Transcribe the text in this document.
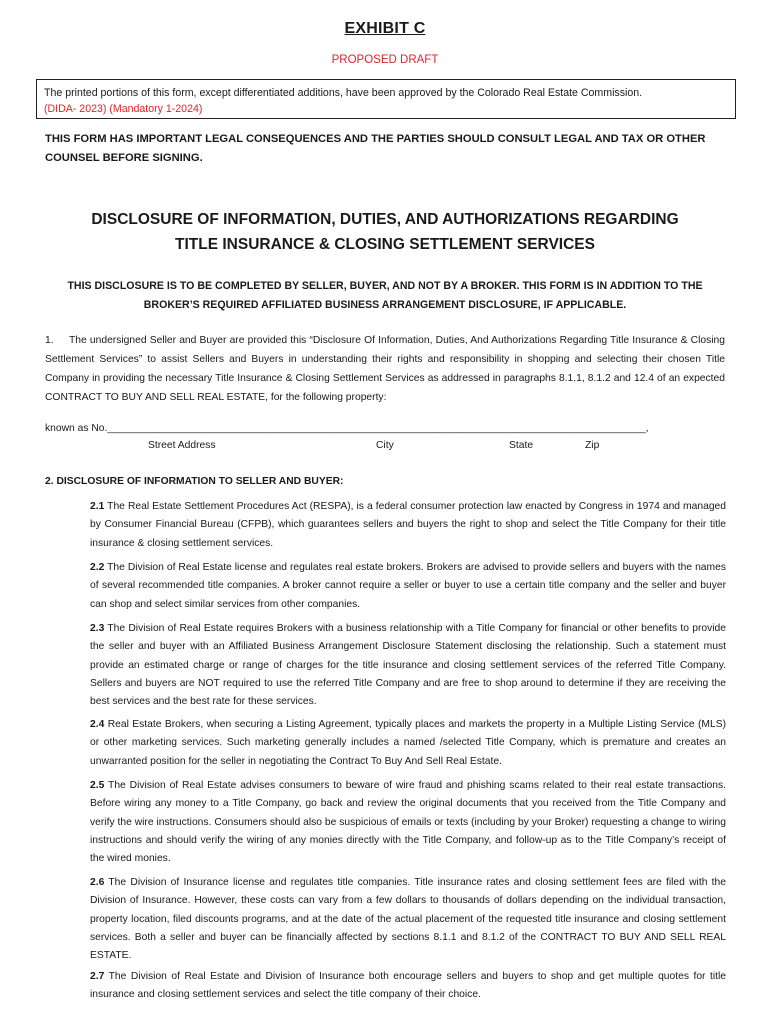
EXHIBIT C
PROPOSED DRAFT
The printed portions of this form, except differentiated additions, have been approved by the Colorado Real Estate Commission.
(DIDA- 2023) (Mandatory 1-2024)
THIS FORM HAS IMPORTANT LEGAL CONSEQUENCES AND THE PARTIES SHOULD CONSULT LEGAL AND TAX OR OTHER COUNSEL BEFORE SIGNING.
DISCLOSURE OF INFORMATION, DUTIES, AND AUTHORIZATIONS REGARDING
TITLE INSURANCE & CLOSING SETTLEMENT SERVICES
THIS DISCLOSURE IS TO BE COMPLETED BY SELLER, BUYER, AND NOT BY A BROKER. THIS FORM IS IN ADDITION TO THE
BROKER’S REQUIRED AFFILIATED BUSINESS ARRANGEMENT DISCLOSURE, IF APPLICABLE.
1. The undersigned Seller and Buyer are provided this “Disclosure Of Information, Duties, And Authorizations Regarding Title Insurance & Closing Settlement Services” to assist Sellers and Buyers in understanding their rights and responsibility in shopping and selecting their chosen Title Company in providing the necessary Title Insurance & Closing Settlement Services as addressed in paragraphs 8.1.1, 8.1.2 and 12.4 of an expected CONTRACT TO BUY AND SELL REAL ESTATE, for the following property:
known as No.______________________________________________________________________________________________,
Street Address	City	State	Zip
2. DISCLOSURE OF INFORMATION TO SELLER AND BUYER:
2.1 The Real Estate Settlement Procedures Act (RESPA), is a federal consumer protection law enacted by Congress in 1974 and managed by Consumer Financial Bureau (CFPB), which guarantees sellers and buyers the right to shop and select the Title Company for their title insurance & closing settlement services.
2.2 The Division of Real Estate license and regulates real estate brokers. Brokers are advised to provide sellers and buyers with the names of several recommended title companies. A broker cannot require a seller or buyer to use a certain title company and the seller and buyer can shop and select similar services from other companies.
2.3 The Division of Real Estate requires Brokers with a business relationship with a Title Company for financial or other benefits to provide the seller and buyer with an Affiliated Business Arrangement Disclosure Statement disclosing the relationship. Such a statement must provide an estimated charge or range of charges for the title insurance and closing settlement services of the referred Title Company. Sellers and buyers are NOT required to use the referred Title Company and are free to shop around to determine if they are receiving the best services and the best rate for these services.
2.4 Real Estate Brokers, when securing a Listing Agreement, typically places and markets the property in a Multiple Listing Service (MLS) or other marketing services. Such marketing generally includes a named /selected Title Company, which is premature and creates an unwarranted position for the seller in negotiating the Contract To Buy And Sell Real Estate.
2.5 The Division of Real Estate advises consumers to beware of wire fraud and phishing scams related to their real estate transactions. Before wiring any money to a Title Company, go back and review the original documents that you received from the Title Company and verify the wire instructions. Consumers should also be suspicious of emails or texts (including by your Broker) requesting a change to wiring instructions and should verify the wiring of any monies directly with the Title Company, and follow-up as to the Title Company’s receipt of the wired monies.
2.6 The Division of Insurance license and regulates title companies. Title insurance rates and closing settlement fees are filed with the Division of Insurance. However, these costs can vary from a few dollars to thousands of dollars depending on the individual transaction, property location, filed discounts programs, and at the date of the actual placement of the requested title insurance and closing settlement services. Both a seller and buyer can be financially affected by sections 8.1.1 and 8.1.2 of the CONTRACT TO BUY AND SELL REAL ESTATE.
2.7 The Division of Real Estate and Division of Insurance both encourage sellers and buyers to shop and get multiple quotes for title insurance and closing settlement services and select the title company of their choice.
